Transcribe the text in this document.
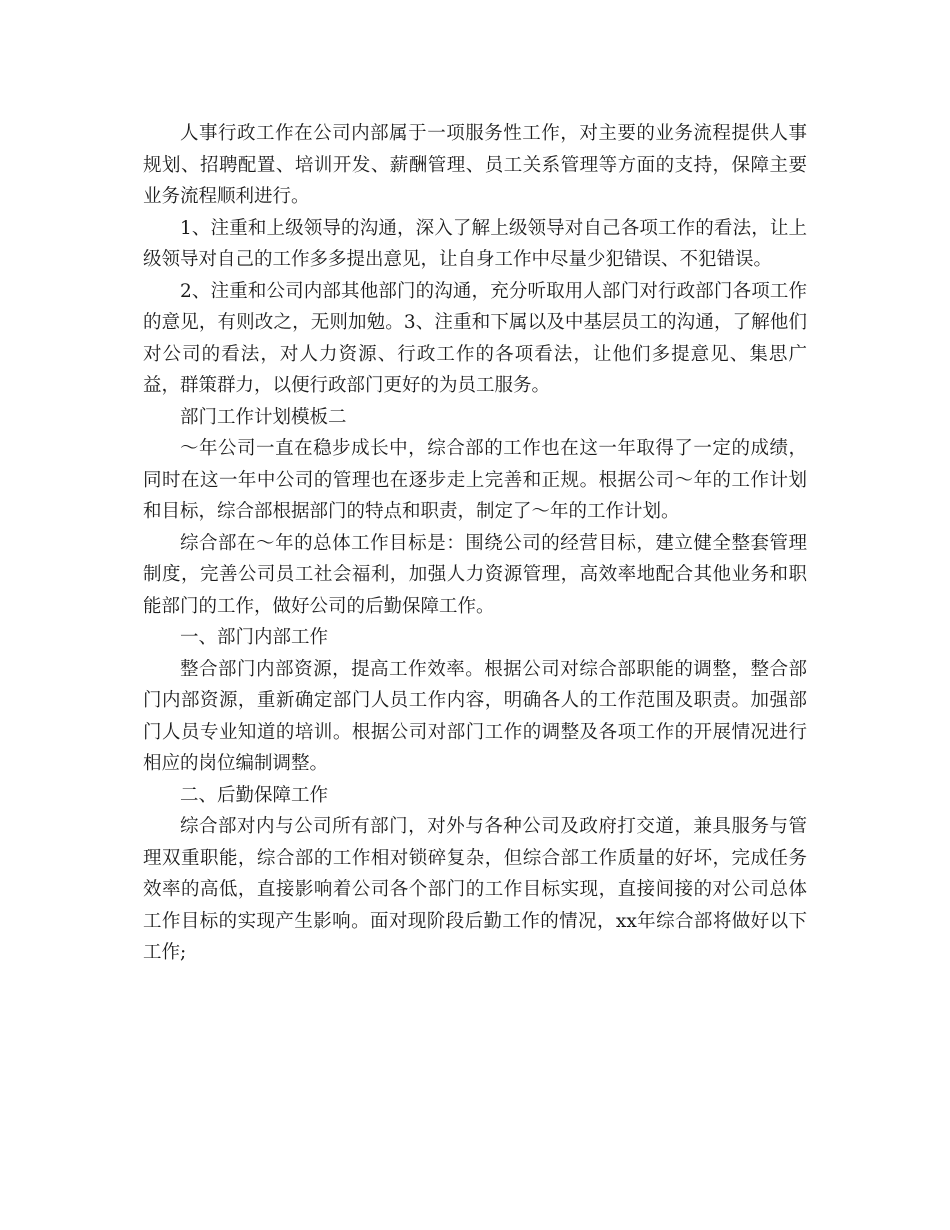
人事行政工作在公司内部属于一项服务性工作，对主要的业务流程提供人事规划、招聘配置、培训开发、薪酬管理、员工关系管理等方面的支持，保障主要业务流程顺利进行。

1、注重和上级领导的沟通，深入了解上级领导对自己各项工作的看法，让上级领导对自己的工作多多提出意见，让自身工作中尽量少犯错误、不犯错误。

2、注重和公司内部其他部门的沟通，充分听取用人部门对行政部门各项工作的意见，有则改之，无则加勉。3、注重和下属以及中基层员工的沟通，了解他们对公司的看法，对人力资源、行政工作的各项看法，让他们多提意见、集思广益，群策群力，以便行政部门更好的为员工服务。

部门工作计划模板二

～年公司一直在稳步成长中，综合部的工作也在这一年取得了一定的成绩，同时在这一年中公司的管理也在逐步走上完善和正规。根据公司～年的工作计划和目标，综合部根据部门的特点和职责，制定了～年的工作计划。

综合部在～年的总体工作目标是：围绕公司的经营目标，建立健全整套管理制度，完善公司员工社会福利，加强人力资源管理，高效率地配合其他业务和职能部门的工作，做好公司的后勤保障工作。

一、部门内部工作

整合部门内部资源，提高工作效率。根据公司对综合部职能的调整，整合部门内部资源，重新确定部门人员工作内容，明确各人的工作范围及职责。加强部门人员专业知道的培训。根据公司对部门工作的调整及各项工作的开展情况进行相应的岗位编制调整。

二、后勤保障工作

综合部对内与公司所有部门，对外与各种公司及政府打交道，兼具服务与管理双重职能，综合部的工作相对锁碎复杂，但综合部工作质量的好坏，完成任务效率的高低，直接影响着公司各个部门的工作目标实现，直接间接的对公司总体工作目标的实现产生影响。面对现阶段后勤工作的情况，xx年综合部将做好以下工作;
